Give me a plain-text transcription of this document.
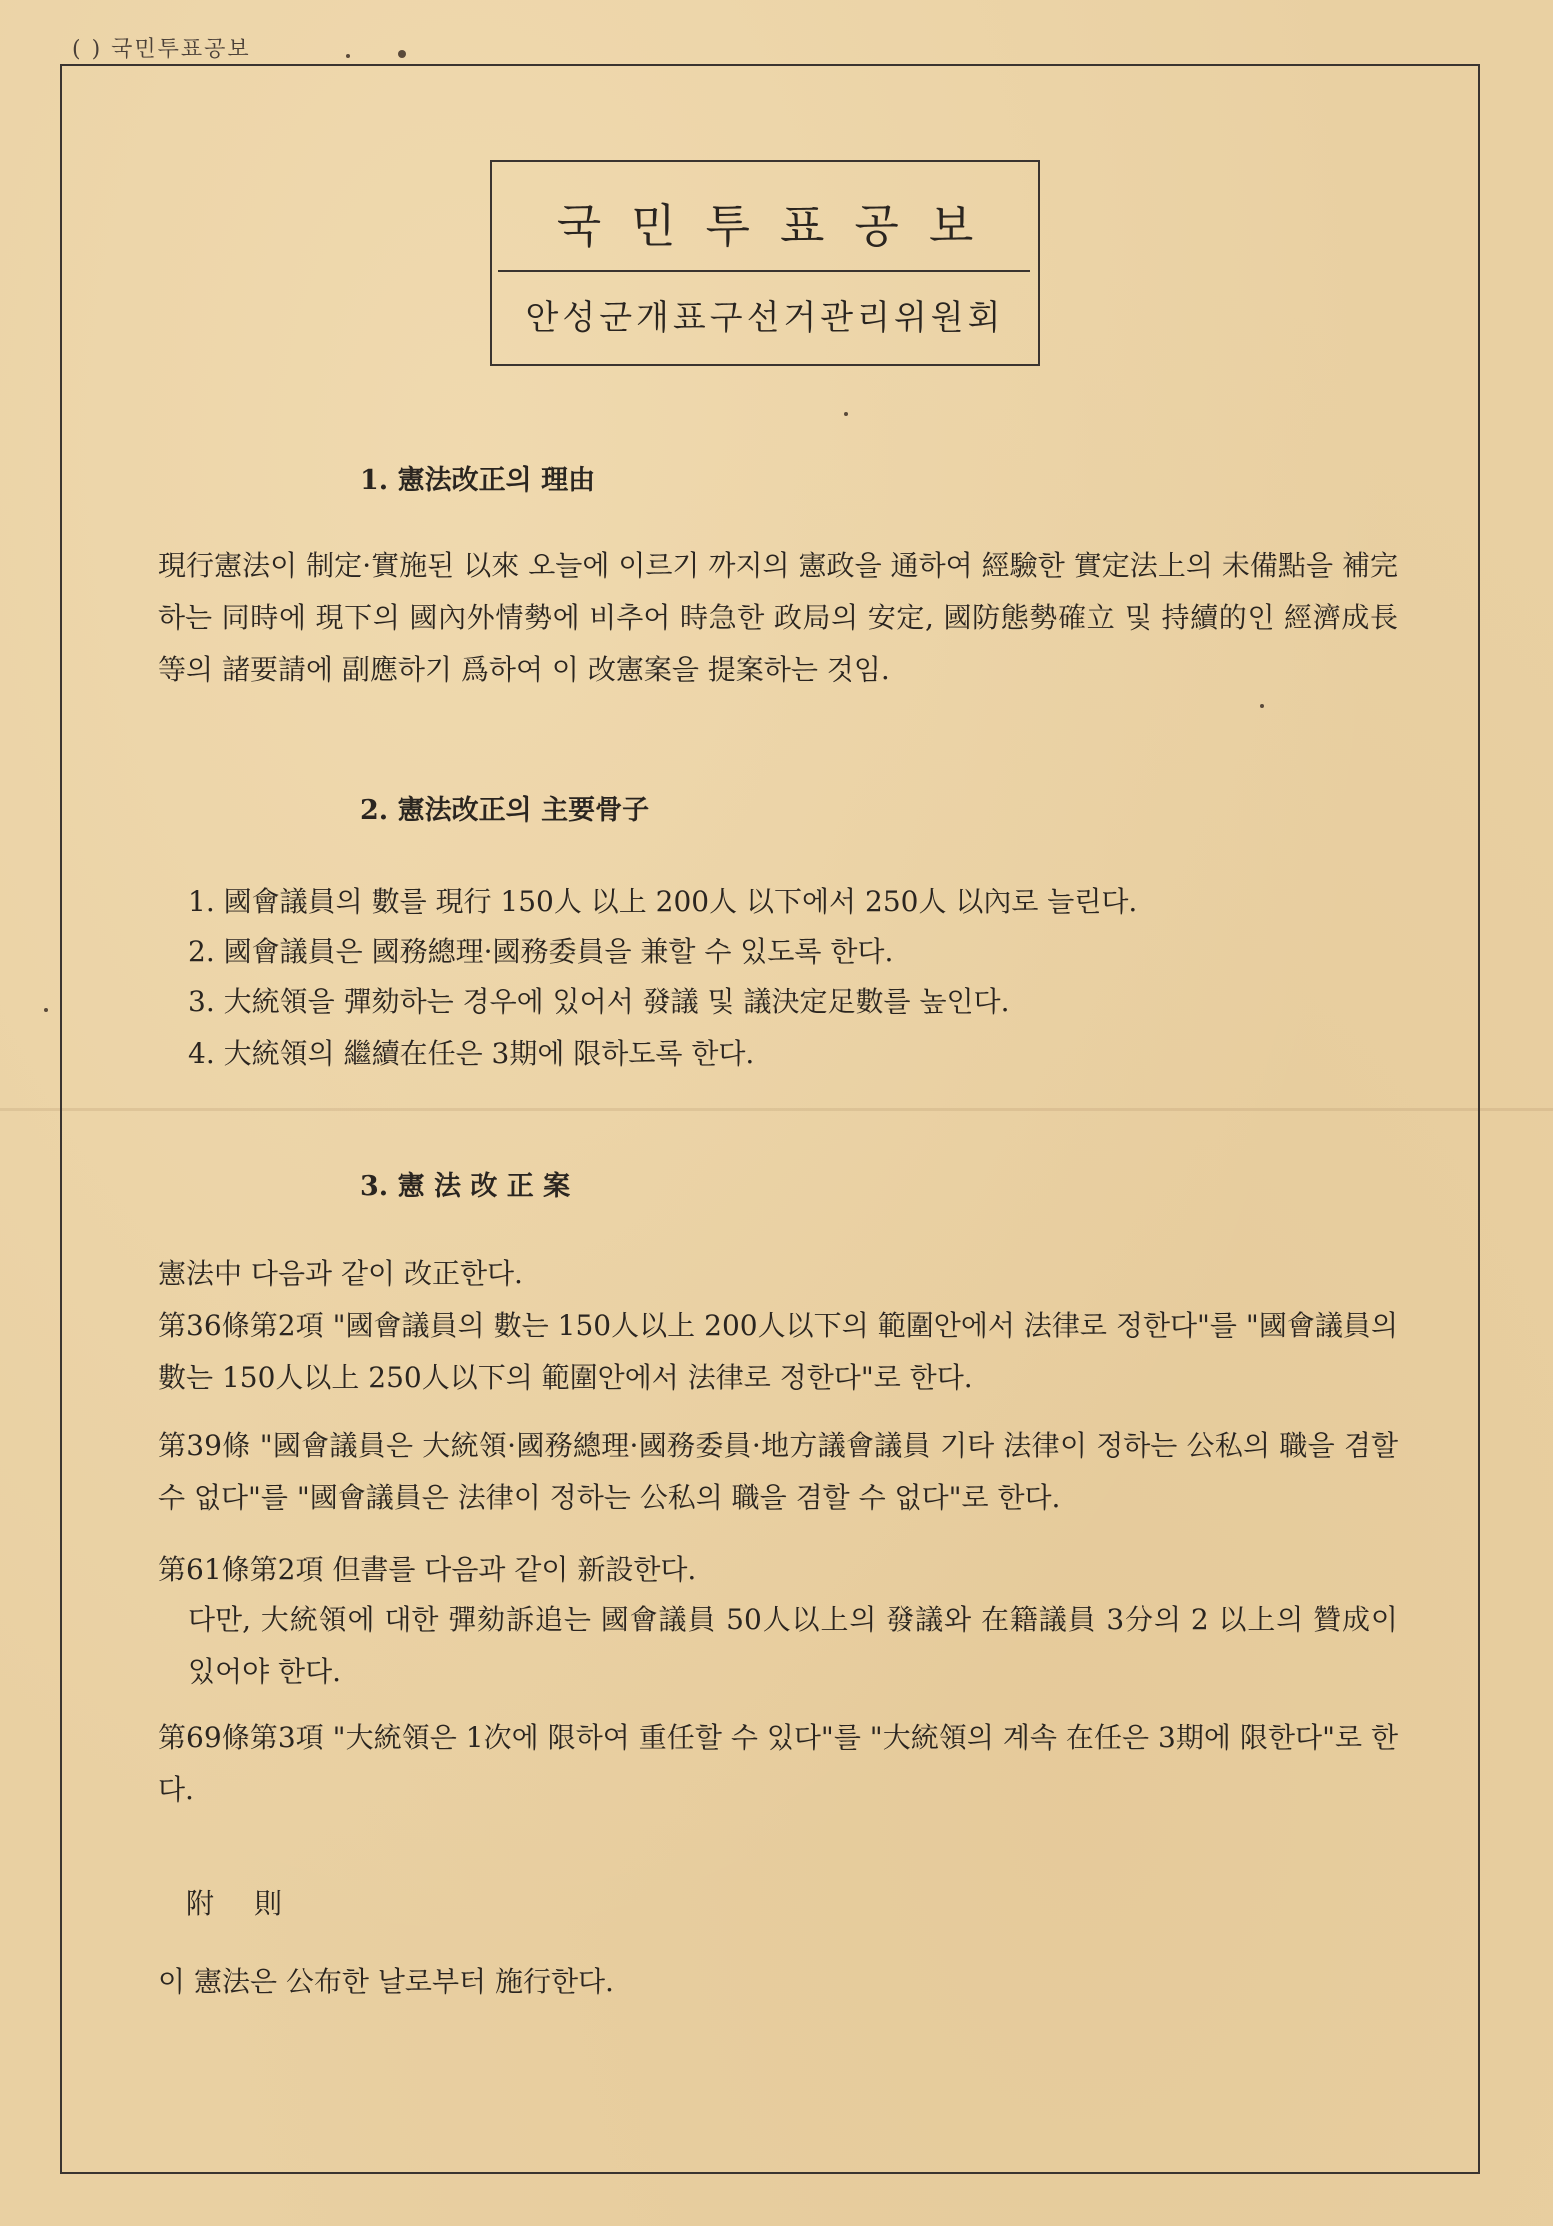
( ) 국민투표공보
국민투표공보
안성군개표구선거관리위원회
1. 憲法改正의 理由
現行憲法이 制定·實施된 以來 오늘에 이르기 까지의 憲政을 通하여 經驗한 實定法上의 未備點을 補完하는 同時에 現下의 國內外情勢에 비추어 時急한 政局의 安定, 國防態勢確立 및 持續的인 經濟成長等의 諸要請에 副應하기 爲하여 이 改憲案을 提案하는 것임.
2. 憲法改正의 主要骨子
1. 國會議員의 數를 現行 150人 以上 200人 以下에서 250人 以內로 늘린다.
2. 國會議員은 國務總理·國務委員을 兼할 수 있도록 한다.
3. 大統領을 彈劾하는 경우에 있어서 發議 및 議決定足數를 높인다.
4. 大統領의 繼續在任은 3期에 限하도록 한다.
3. 憲 法 改 正 案
憲法中 다음과 같이 改正한다.
第36條第2項 "國會議員의 數는 150人以上 200人以下의 範圍안에서 法律로 정한다"를 "國會議員의 數는 150人以上 250人以下의 範圍안에서 法律로 정한다"로 한다.
第39條 "國會議員은 大統領·國務總理·國務委員·地方議會議員 기타 法律이 정하는 公私의 職을 겸할 수 없다"를 "國會議員은 法律이 정하는 公私의 職을 겸할 수 없다"로 한다.
第61條第2項 但書를 다음과 같이 新設한다.
다만, 大統領에 대한 彈劾訴追는 國會議員 50人以上의 發議와 在籍議員 3分의 2 以上의 贊成이 있어야 한다.
第69條第3項 "大統領은 1次에 限하여 重任할 수 있다"를 "大統領의 계속 在任은 3期에 限한다"로 한다.
附則
이 憲法은 公布한 날로부터 施行한다.
